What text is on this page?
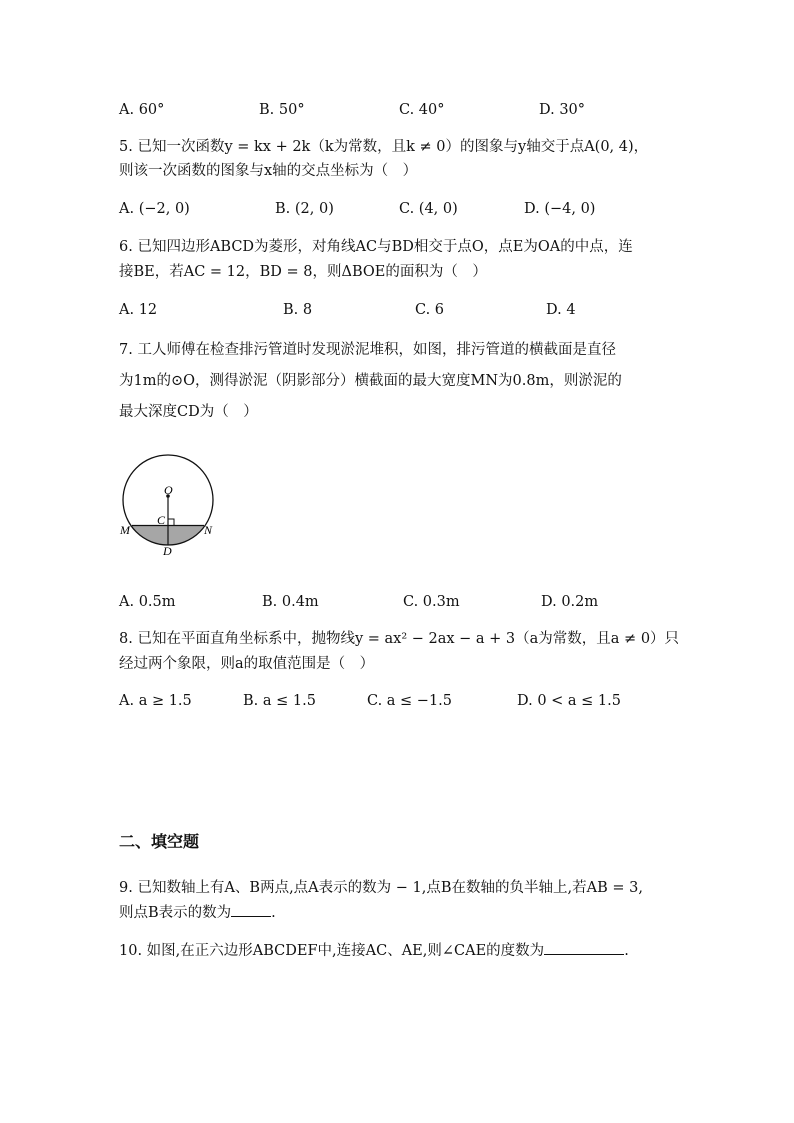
A. 60°	B. 50°	C. 40°	D. 30°
5. 已知一次函数y = kx + 2k（k为常数，且k ≠ 0）的图象与y轴交于点A(0, 4)，
则该一次函数的图象与x轴的交点坐标为（　）
A. (−2, 0)	B. (2, 0)	C. (4, 0)	D. (−4, 0)
6. 已知四边形ABCD为菱形，对角线AC与BD相交于点O，点E为OA的中点，连
接BE，若AC = 12，BD = 8，则ΔBOE的面积为（　）
A. 12	B. 8	C. 6	D. 4
7. 工人师傅在检查排污管道时发现淤泥堆积，如图，排污管道的横截面是直径
为1m的⊙O，测得淤泥（阴影部分）横截面的最大宽度MN为0.8m，则淤泥的
最大深度CD为（　）
O
C
M	N
D
A. 0.5m	B. 0.4m	C. 0.3m	D. 0.2m
8. 已知在平面直角坐标系中，抛物线y = ax² − 2ax − a + 3（a为常数，且a ≠ 0）只
经过两个象限，则a的取值范围是（　）
A. a ≥ 1.5	B. a ≤ 1.5	C. a ≤ −1.5	D. 0 < a ≤ 1.5
二、填空题
9. 已知数轴上有A、B两点,点A表示的数为 − 1,点B在数轴的负半轴上,若AB = 3,
则点B表示的数为	.
10. 如图,在正六边形ABCDEF中,连接AC、AE,则∠CAE的度数为	.
